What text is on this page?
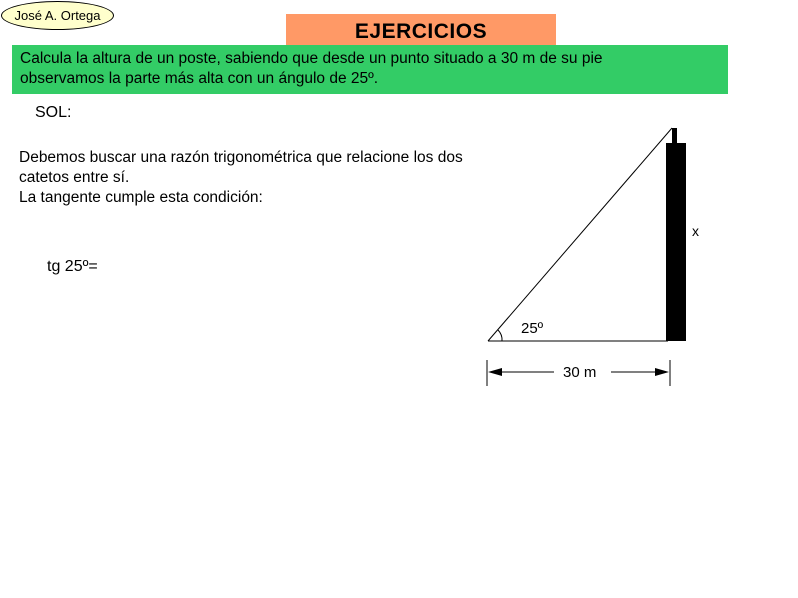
José A. Ortega
EJERCICIOS
Calcula la altura de un poste, sabiendo que desde un punto situado a 30 m de su pie
observamos la parte más alta con un ángulo de 25º.
SOL:
Debemos buscar una razón trigonométrica que relacione los dos
catetos entre sí.
La tangente cumple esta condición:
tg 25º=
25º
x
30 m
